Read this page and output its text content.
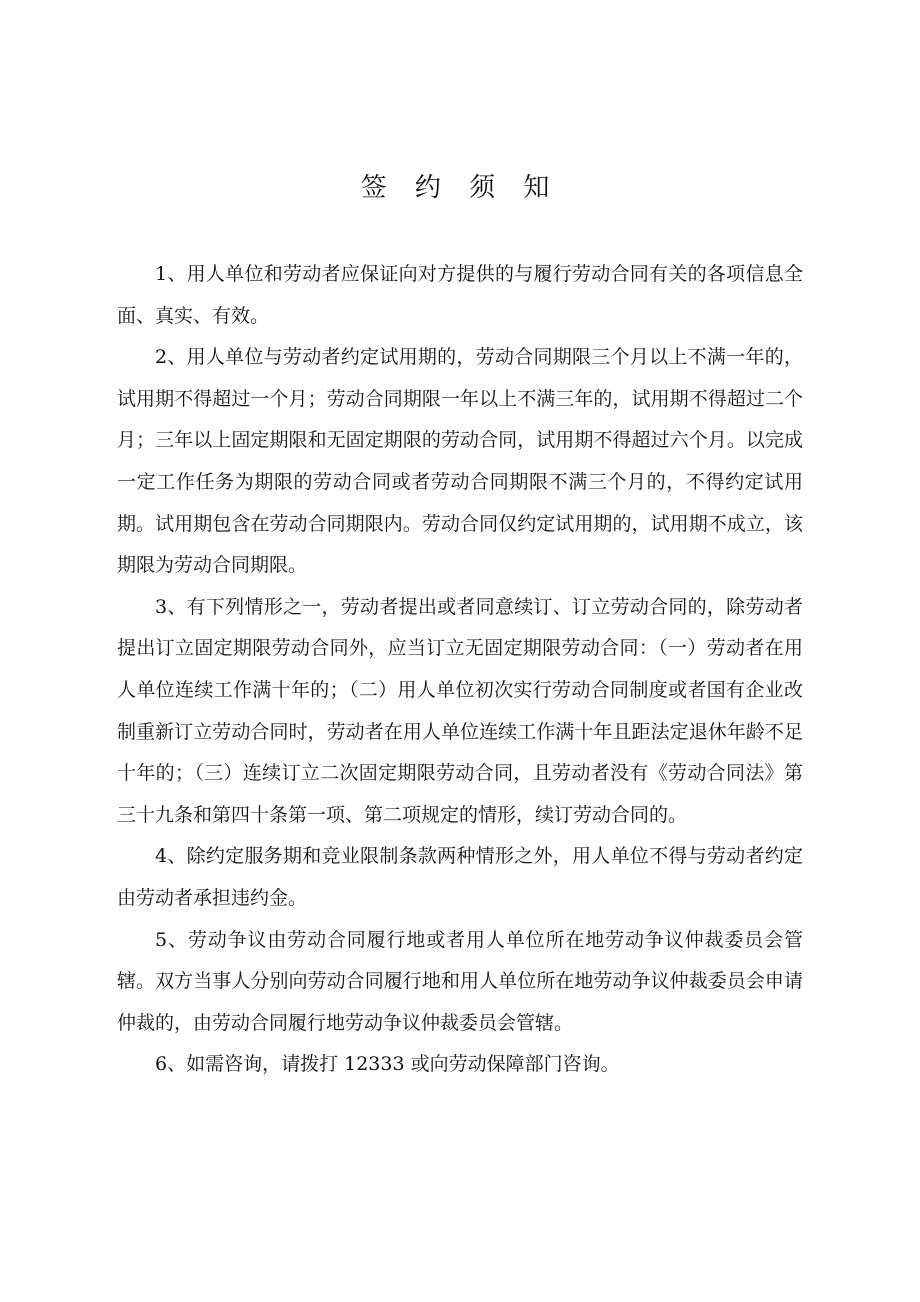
签 约 须 知

1、用人单位和劳动者应保证向对方提供的与履行劳动合同有关的各项信息全面、真实、有效。

2、用人单位与劳动者约定试用期的，劳动合同期限三个月以上不满一年的，试用期不得超过一个月；劳动合同期限一年以上不满三年的，试用期不得超过二个月；三年以上固定期限和无固定期限的劳动合同，试用期不得超过六个月。以完成一定工作任务为期限的劳动合同或者劳动合同期限不满三个月的，不得约定试用期。试用期包含在劳动合同期限内。劳动合同仅约定试用期的，试用期不成立，该期限为劳动合同期限。

3、有下列情形之一，劳动者提出或者同意续订、订立劳动合同的，除劳动者提出订立固定期限劳动合同外，应当订立无固定期限劳动合同：（一）劳动者在用人单位连续工作满十年的；（二）用人单位初次实行劳动合同制度或者国有企业改制重新订立劳动合同时，劳动者在用人单位连续工作满十年且距法定退休年龄不足十年的；（三）连续订立二次固定期限劳动合同，且劳动者没有《劳动合同法》第三十九条和第四十条第一项、第二项规定的情形，续订劳动合同的。

4、除约定服务期和竞业限制条款两种情形之外，用人单位不得与劳动者约定由劳动者承担违约金。

5、劳动争议由劳动合同履行地或者用人单位所在地劳动争议仲裁委员会管辖。双方当事人分别向劳动合同履行地和用人单位所在地劳动争议仲裁委员会申请仲裁的，由劳动合同履行地劳动争议仲裁委员会管辖。

6、如需咨询，请拨打 12333 或向劳动保障部门咨询。
